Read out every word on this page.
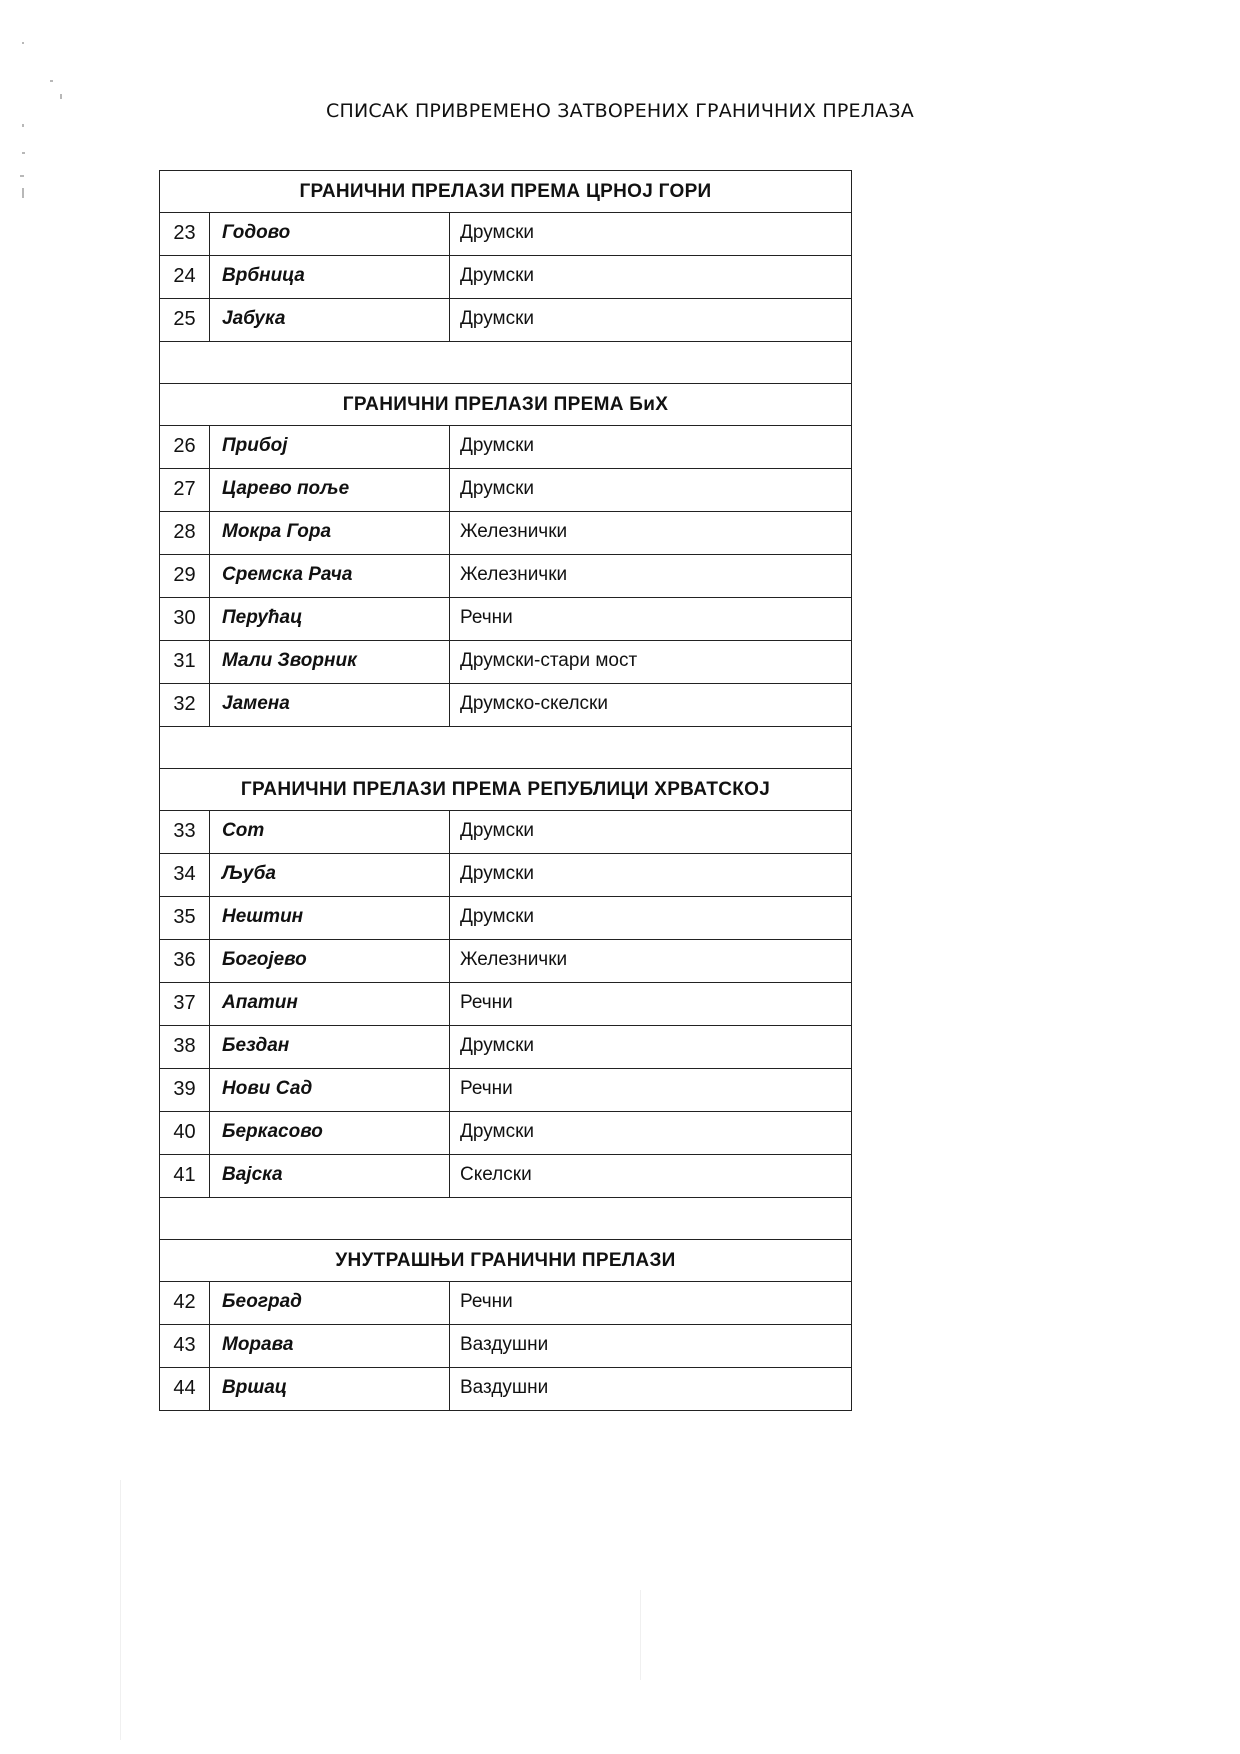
СПИСАК ПРИВРЕМЕНО ЗАТВОРЕНИХ ГРАНИЧНИХ ПРЕЛАЗА
ГРАНИЧНИ ПРЕЛАЗИ ПРЕМА ЦРНОЈ ГОРИ		
23	Годово	Друмски
24	Врбница	Друмски
25	Јабука	Друмски

ГРАНИЧНИ ПРЕЛАЗИ ПРЕМА БиХ		
26	Прибој	Друмски
27	Царево поље	Друмски
28	Мокра Гора	Железнички
29	Сремска Рача	Железнички
30	Перућац	Речни
31	Мали Зворник	Друмски-стари мост
32	Јамена	Друмско-скелски

ГРАНИЧНИ ПРЕЛАЗИ ПРЕМА РЕПУБЛИЦИ ХРВАТСКОЈ		
33	Сот	Друмски
34	Љуба	Друмски
35	Нештин	Друмски
36	Богојево	Железнички
37	Апатин	Речни
38	Бездан	Друмски
39	Нови Сад	Речни
40	Беркасово	Друмски
41	Вајска	Скелски

УНУТРАШЊИ ГРАНИЧНИ ПРЕЛАЗИ		
42	Београд	Речни
43	Морава	Ваздушни
44	Вршац	Ваздушни
